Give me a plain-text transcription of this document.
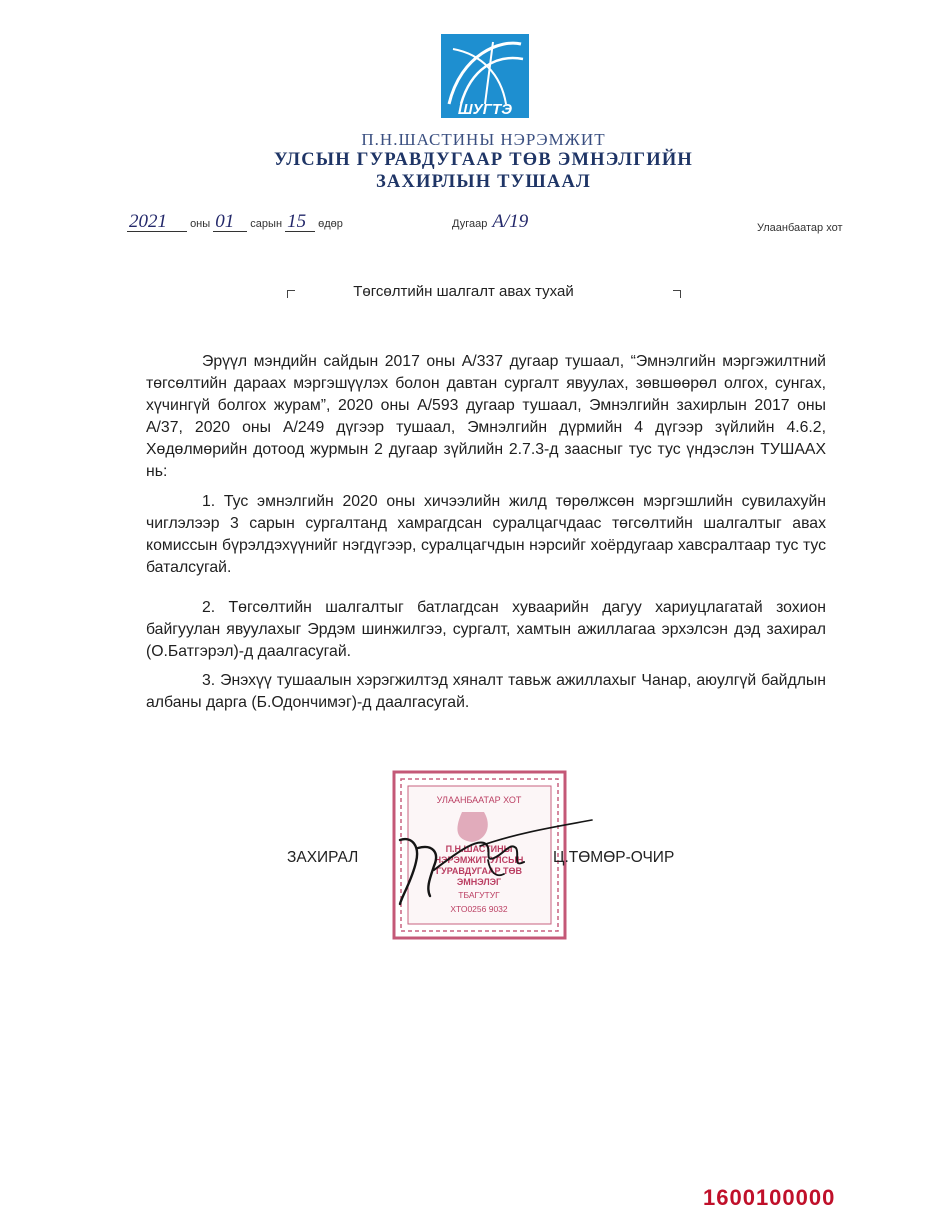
ШУГТЭ
П.Н.ШАСТИНЫ НЭРЭМЖИТ
УЛСЫН ГУРАВДУГААР ТӨВ ЭМНЭЛГИЙН
ЗАХИРЛЫН ТУШААЛ
2021 оны 01 сарын 15 өдөр	Дугаар А/19	Улаанбаатар хот
Төгсөлтийн шалгалт авах тухай
Эрүүл мэндийн сайдын 2017 оны А/337 дугаар тушаал, “Эмнэлгийн мэргэжилтний төгсөлтийн дараах мэргэшүүлэх болон давтан сургалт явуулах, зөвшөөрөл олгох, сунгах, хүчингүй болгох журам”, 2020 оны А/593 дугаар тушаал, Эмнэлгийн захирлын 2017 оны А/37, 2020 оны А/249 дүгээр тушаал, Эмнэлгийн дүрмийн 4 дүгээр зүйлийн 4.6.2, Хөдөлмөрийн дотоод журмын 2 дугаар зүйлийн 2.7.3-д заасныг тус тус үндэслэн ТУШААХ нь:
1. Тус эмнэлгийн 2020 оны хичээлийн жилд төрөлжсөн мэргэшлийн сувилахуйн чиглэлээр 3 сарын сургалтанд хамрагдсан суралцагчдаас төгсөлтийн шалгалтыг авах комиссын бүрэлдэхүүнийг нэгдүгээр, суралцагчдын нэрсийг хоёрдугаар хавсралтаар тус тус баталсугай.
2. Төгсөлтийн шалгалтыг батлагдсан хуваарийн дагуу хариуцлагатай зохион байгуулан явуулахыг Эрдэм шинжилгээ, сургалт, хамтын ажиллагаа эрхэлсэн дэд захирал (О.Батгэрэл)-д даалгасугай.
3. Энэхүү тушаалын хэрэгжилтэд хяналт тавьж ажиллахыг Чанар, аюулгүй байдлын албаны дарга (Б.Одончимэг)-д даалгасугай.
УЛААНБААТАР ХОТ
П.Н.ШАСТИНЫ
НЭРЭМЖИТ УЛСЫН
ГУРАВДУГААР ТӨВ
ЭМНЭЛЭГ
ТБАГУТУГ
ХТО0256 9032
ЗАХИРАЛ	Ц.ТӨМӨР-ОЧИР
1600100000
